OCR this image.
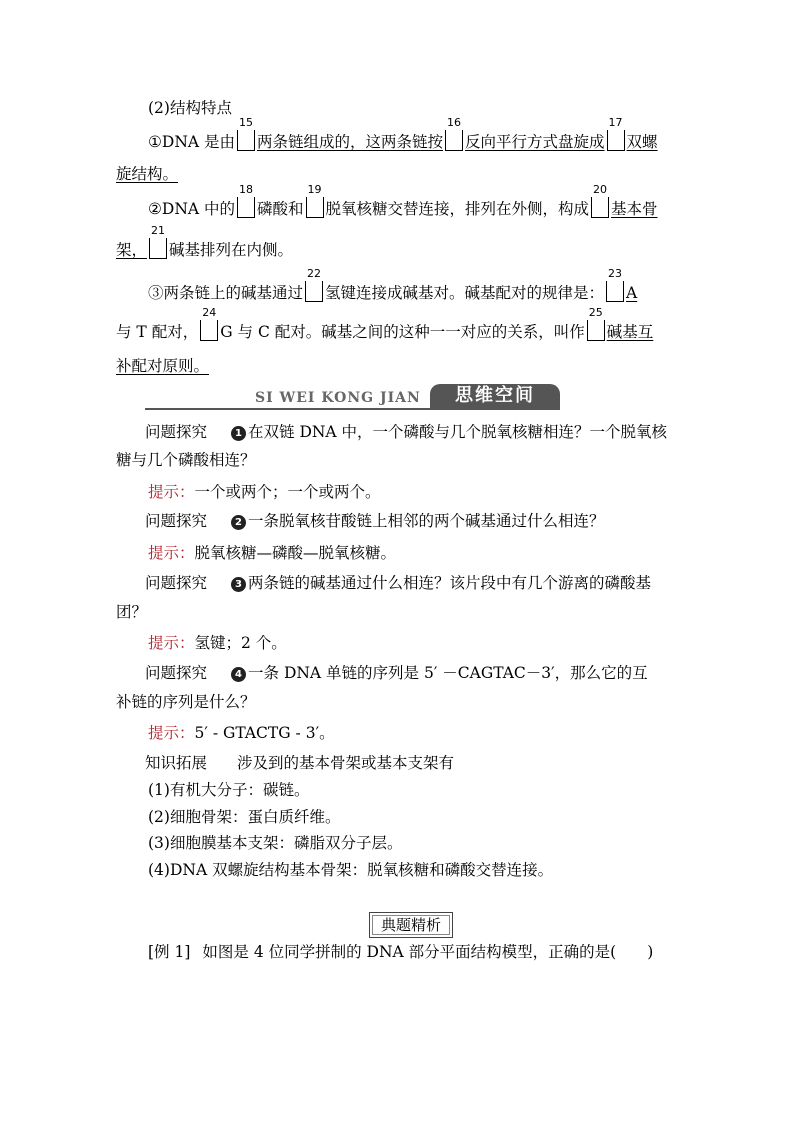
(2)结构特点
①DNA 是由
15
两条链组成的，这两条链按
16
反向平行方式盘旋成
17
双螺
旋结构。
②DNA 中的
18
磷酸和
19
脱氧核糖交替连接，排列在外侧，构成
20
基本骨
架，
21
碱基排列在内侧。
③两条链上的碱基通过
22
氢键连接成碱基对。碱基配对的规律是：
23
A
与 T 配对，
24
G 与 C 配对。碱基之间的这种一一对应的关系，叫作
25
碱基互
补配对原则。
SI WEI KONG JIAN	思维空间
问题探究	1 在双链 DNA 中，一个磷酸与几个脱氧核糖相连？一个脱氧核
糖与几个磷酸相连？
提示：一个或两个；一个或两个。
问题探究	2 一条脱氧核苷酸链上相邻的两个碱基通过什么相连？
提示：脱氧核糖—磷酸—脱氧核糖。
问题探究	3 两条链的碱基通过什么相连？该片段中有几个游离的磷酸基
团？
提示：氢键；2 个。
问题探究	4 一条 DNA 单链的序列是 5′ －CAGTAC－3′，那么它的互
补链的序列是什么？
提示：5′ - GTACTG - 3′。
知识拓展 涉及到的基本骨架或基本支架有
(1)有机大分子：碳链。
(2)细胞骨架：蛋白质纤维。
(3)细胞膜基本支架：磷脂双分子层。
(4)DNA 双螺旋结构基本骨架：脱氧核糖和磷酸交替连接。
典题精析
[例 1] 如图是 4 位同学拼制的 DNA 部分平面结构模型，正确的是(　　)
